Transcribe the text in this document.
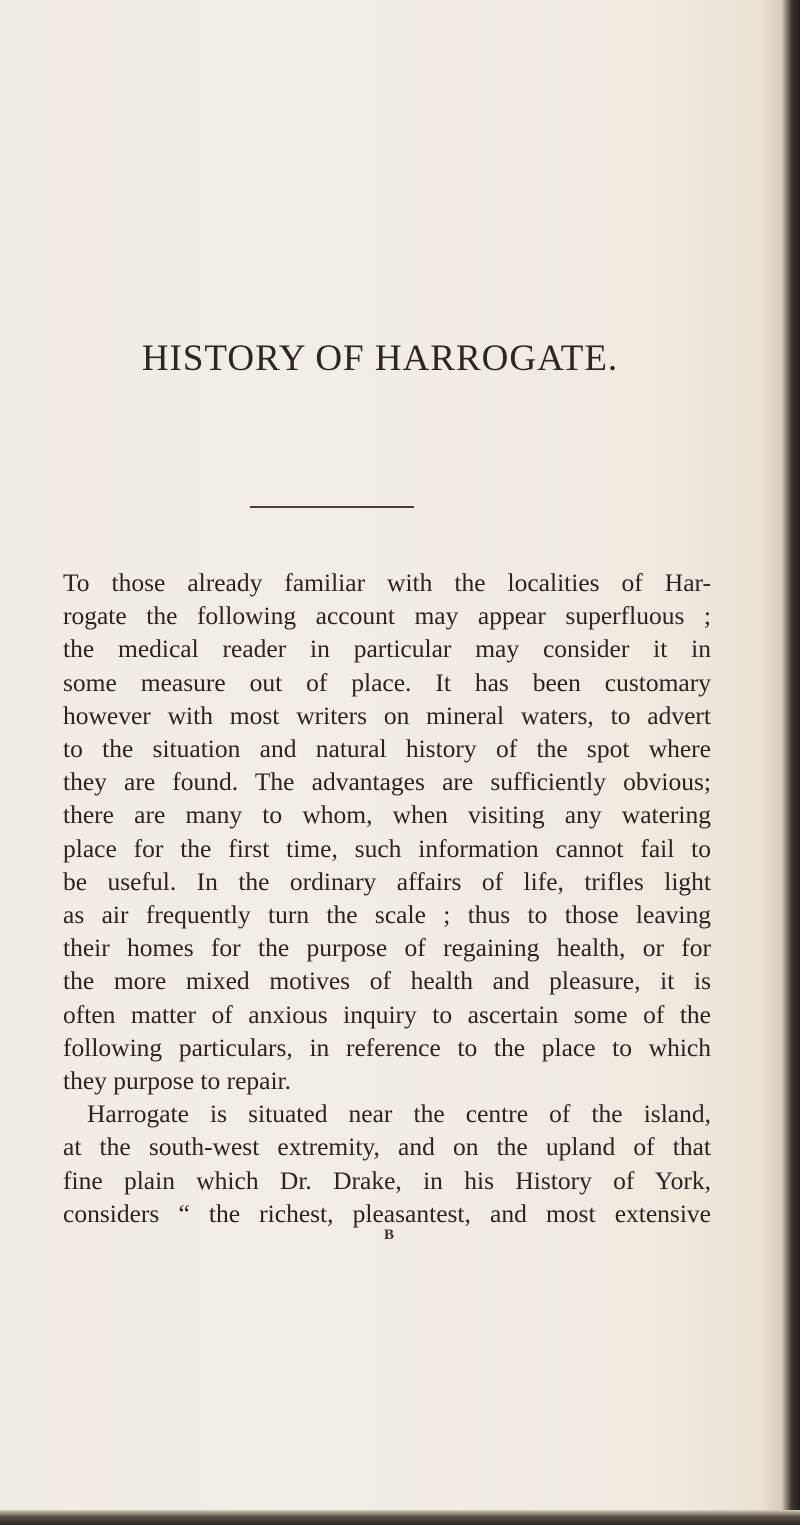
HISTORY OF HARROGATE.
To those already familiar with the localities of Har-
rogate the following account may appear superfluous ;
the medical reader in particular may consider it in
some measure out of place. It has been customary
however with most writers on mineral waters, to advert
to the situation and natural history of the spot where
they are found. The advantages are sufficiently obvious;
there are many to whom, when visiting any watering
place for the first time, such information cannot fail to
be useful. In the ordinary affairs of life, trifles light
as air frequently turn the scale ; thus to those leaving
their homes for the purpose of regaining health, or for
the more mixed motives of health and pleasure, it is
often matter of anxious inquiry to ascertain some of the
following particulars, in reference to the place to which
they purpose to repair.
Harrogate is situated near the centre of the island,
at the south-west extremity, and on the upland of that
fine plain which Dr. Drake, in his History of York,
considers “ the richest, pleasantest, and most extensive
B
